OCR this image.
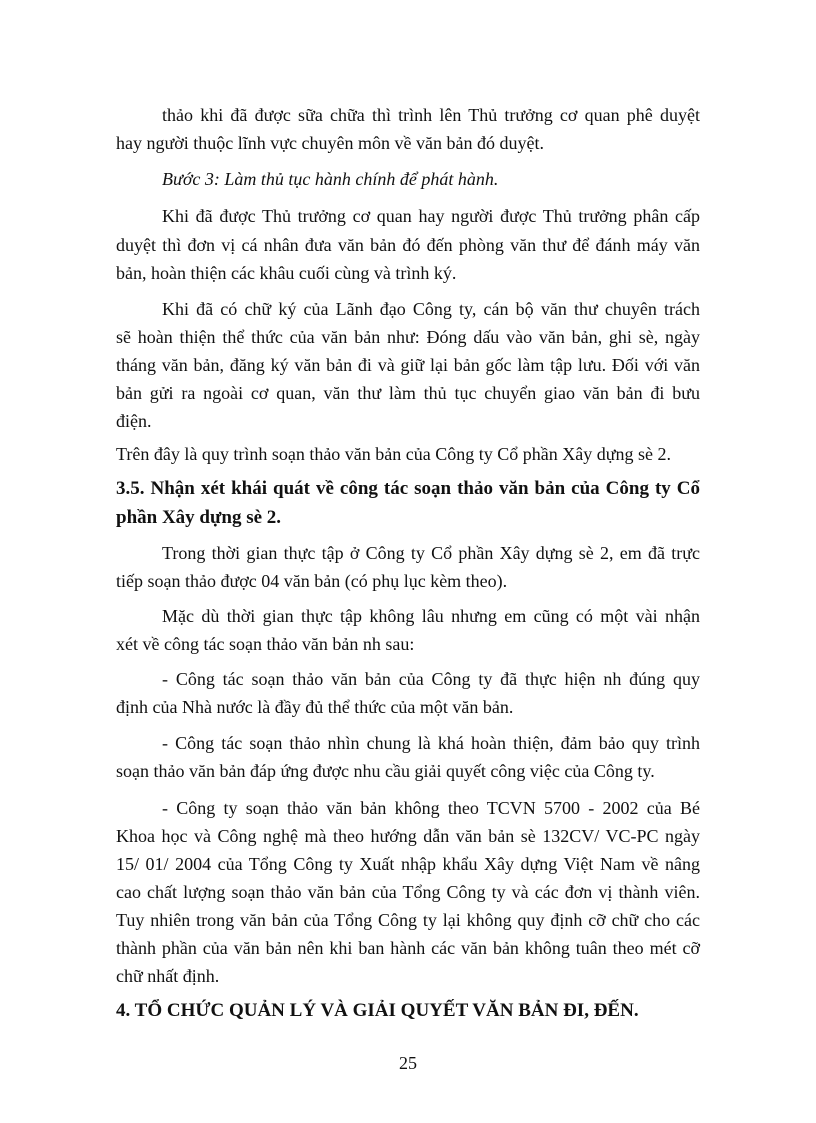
thảo khi đã được sữa chữa thì trình lên Thủ trưởng cơ quan phê duyệt
hay người thuộc lĩnh vực chuyên môn về văn bản đó duyệt.
Bước 3: Làm thủ tục hành chính để phát hành.
Khi đã được Thủ trưởng cơ quan hay người được Thủ trưởng phân cấp
duyệt thì đơn vị cá nhân đưa văn bản đó đến phòng văn thư để đánh máy văn
bản, hoàn thiện các khâu cuối cùng và trình ký.
Khi đã có chữ ký của Lãnh đạo Công ty, cán bộ văn thư chuyên trách
sẽ hoàn thiện thể thức của văn bản như: Đóng dấu vào văn bản, ghi sè, ngày
tháng văn bản, đăng ký văn bản đi và giữ lại bản gốc làm tập lưu. Đối với văn
bản gửi ra ngoài cơ quan, văn thư làm thủ tục chuyển giao văn bản đi bưu
điện.
Trên đây là quy trình soạn thảo văn bản của Công ty Cổ phần Xây dựng sè 2.
3.5. Nhận xét khái quát về công tác soạn thảo văn bản của Công ty Cổ
phần Xây dựng sè 2.
Trong thời gian thực tập ở Công ty Cổ phần Xây dựng sè 2, em đã trực
tiếp soạn thảo được 04 văn bản (có phụ lục kèm theo).
Mặc dù thời gian thực tập không lâu nhưng em cũng có một vài nhận
xét về công tác soạn thảo văn bản nh sau:
- Công tác soạn thảo văn bản của Công ty đã thực hiện nh đúng quy
định của Nhà nước là đầy đủ thể thức của một văn bản.
- Công tác soạn thảo nhìn chung là khá hoàn thiện, đảm bảo quy trình
soạn thảo văn bản đáp ứng được nhu cầu giải quyết công việc của Công ty.
- Công ty soạn thảo văn bản không theo TCVN 5700 - 2002 của Bé
Khoa học và Công nghệ mà theo hướng dẫn văn bản sè 132CV/ VC-PC ngày
15/ 01/ 2004 của Tổng Công ty Xuất nhập khẩu Xây dựng Việt Nam về nâng
cao chất lượng soạn thảo văn bản của Tổng Công ty và các đơn vị thành viên.
Tuy nhiên trong văn bản của Tổng Công ty lại không quy định cỡ chữ cho các
thành phần của văn bản nên khi ban hành các văn bản không tuân theo mét cỡ
chữ nhất định.
4. TỔ CHỨC QUẢN LÝ VÀ GIẢI QUYẾT VĂN BẢN ĐI, ĐẾN.
25
